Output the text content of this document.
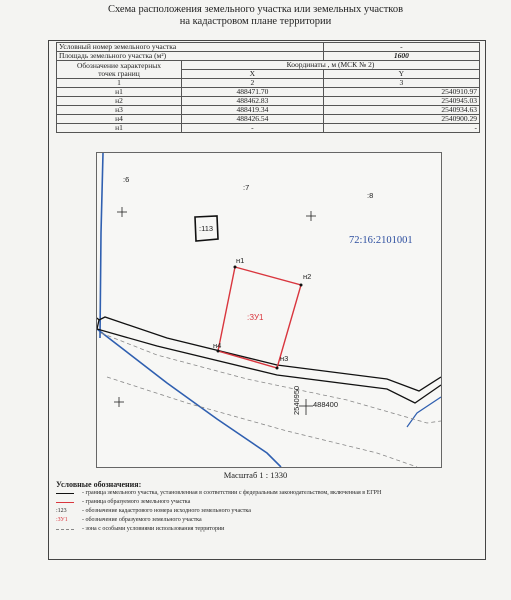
Схема расположения земельного участка или земельных участков
на кадастровом плане территории
Условный номер земельного участка		-
Площадь земельного участка (м²)		1600

Обозначение характерных
точек границ	Координаты , м (МСК № 2)	
	X	Y
1	2	3
н1	488471.70	2540910.97
н2	488462.83	2540945.03
н3	488419.34	2540934.63
н4	488426.54	2540900.29
н1	-	-
:6
:7
:8
:113
72:16:2101001
:ЗУ1
н1
н2
н3
н4
488400
2540950
Масштаб 1 : 1330
Условные обозначения:
- граница земельного участка, установленная в соответствии с федеральным законодательством, включенная в ЕГРН
- граница образуемого земельного участка
:123	- обозначение кадастрового номера исходного земельного участка
:ЗУ1	- обозначение образуемого земельного участка
- зона с особыми условиями использования территории
